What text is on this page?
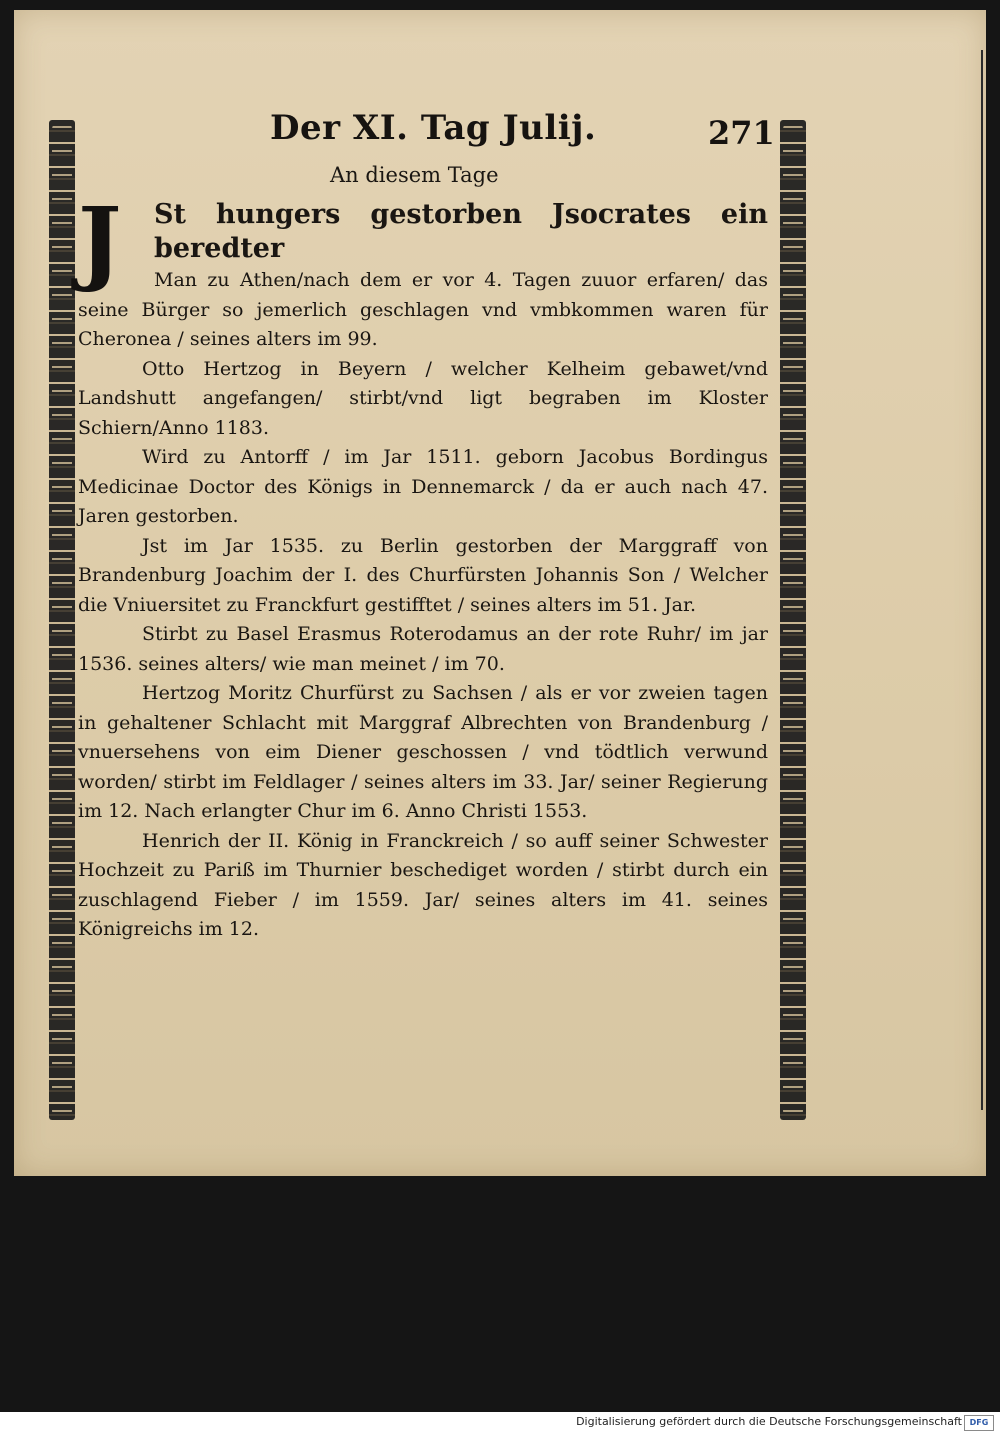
Der XI. Tag Julij.	271
An diesem Tage
J	St hungers gestorben Jsocrates ein beredter

Man zu Athen/nach dem er vor 4. Tagen zuuor erfaren/ das seine Bürger so jemerlich geschlagen vnd vmbkommen waren für Cheronea / seines alters im 99.

Otto Hertzog in Beyern / welcher Kelheim gebawet/vnd Landshutt angefangen/ stirbt/vnd ligt begraben im Kloster Schiern/Anno 1183.

Wird zu Antorff / im Jar 1511. geborn Jacobus Bordingus Medicinae Doctor des Königs in Dennemarck / da er auch nach 47. Jaren gestorben.

Jst im Jar 1535. zu Berlin gestorben der Marggraff von Brandenburg Joachim der I. des Churfürsten Johannis Son / Welcher die Vniuersitet zu Franckfurt gestifftet / seines alters im 51. Jar.

Stirbt zu Basel Erasmus Roterodamus an der rote Ruhr/ im jar 1536. seines alters/ wie man meinet / im 70.

Hertzog Moritz Churfürst zu Sachsen / als er vor zweien tagen in gehaltener Schlacht mit Marggraf Albrechten von Brandenburg / vnuersehens von eim Diener geschossen / vnd tödtlich verwund worden/ stirbt im Feldlager / seines alters im 33. Jar/ seiner Regierung im 12. Nach erlangter Chur im 6. Anno Christi 1553.

Henrich der II. König in Franckreich / so auff seiner Schwester Hochzeit zu Pariß im Thurnier beschediget worden / stirbt durch ein zuschlagend Fieber / im 1559. Jar/ seines alters im 41. seines Königreichs im 12.

Digitalisierung gefördert durch die Deutsche Forschungsgemeinschaft DFG
